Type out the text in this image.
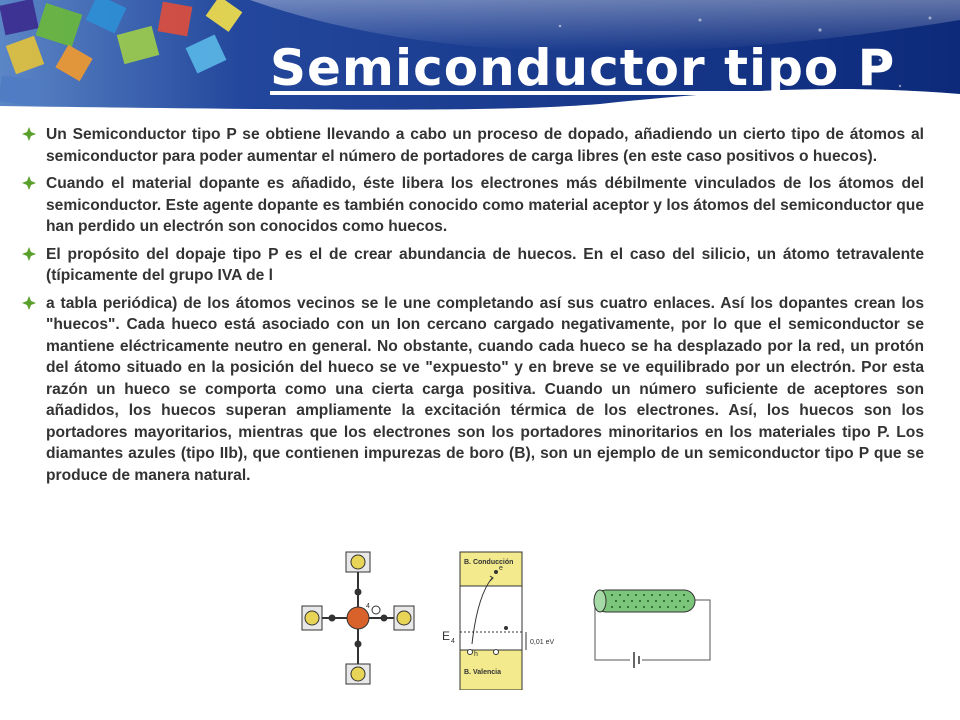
Semiconductor tipo P
Un Semiconductor tipo P se obtiene llevando a cabo un proceso de dopado, añadiendo un cierto tipo de átomos al semiconductor para poder aumentar el número de portadores de carga libres (en este caso positivos o huecos).
Cuando el material dopante es añadido, éste libera los electrones más débilmente vinculados de los átomos del semiconductor. Este agente dopante es también conocido como material aceptor y los átomos del semiconductor que han perdido un electrón son conocidos como huecos.
El propósito del dopaje tipo P es el de crear abundancia de huecos. En el caso del silicio, un átomo tetravalente (típicamente del grupo IVA de l
a tabla periódica) de los átomos vecinos se le une completando así sus cuatro enlaces. Así los dopantes crean los "huecos". Cada hueco está asociado con un Ion cercano cargado negativamente, por lo que el semiconductor se mantiene eléctricamente neutro en general. No obstante, cuando cada hueco se ha desplazado por la red, un protón del átomo situado en la posición del hueco se ve "expuesto" y en breve se ve equilibrado por un electrón. Por esta razón un hueco se comporta como una cierta carga positiva. Cuando un número suficiente de aceptores son añadidos, los huecos superan ampliamente la excitación térmica de los electrones. Así, los huecos son los portadores mayoritarios, mientras que los electrones son los portadores minoritarios en los materiales tipo P. Los diamantes azules (tipo IIb), que contienen impurezas de boro (B), son un ejemplo de un semiconductor tipo P que se produce de manera natural.
4
B. Conducción
B. Valencia
E 4	0,01 eV
e
h
